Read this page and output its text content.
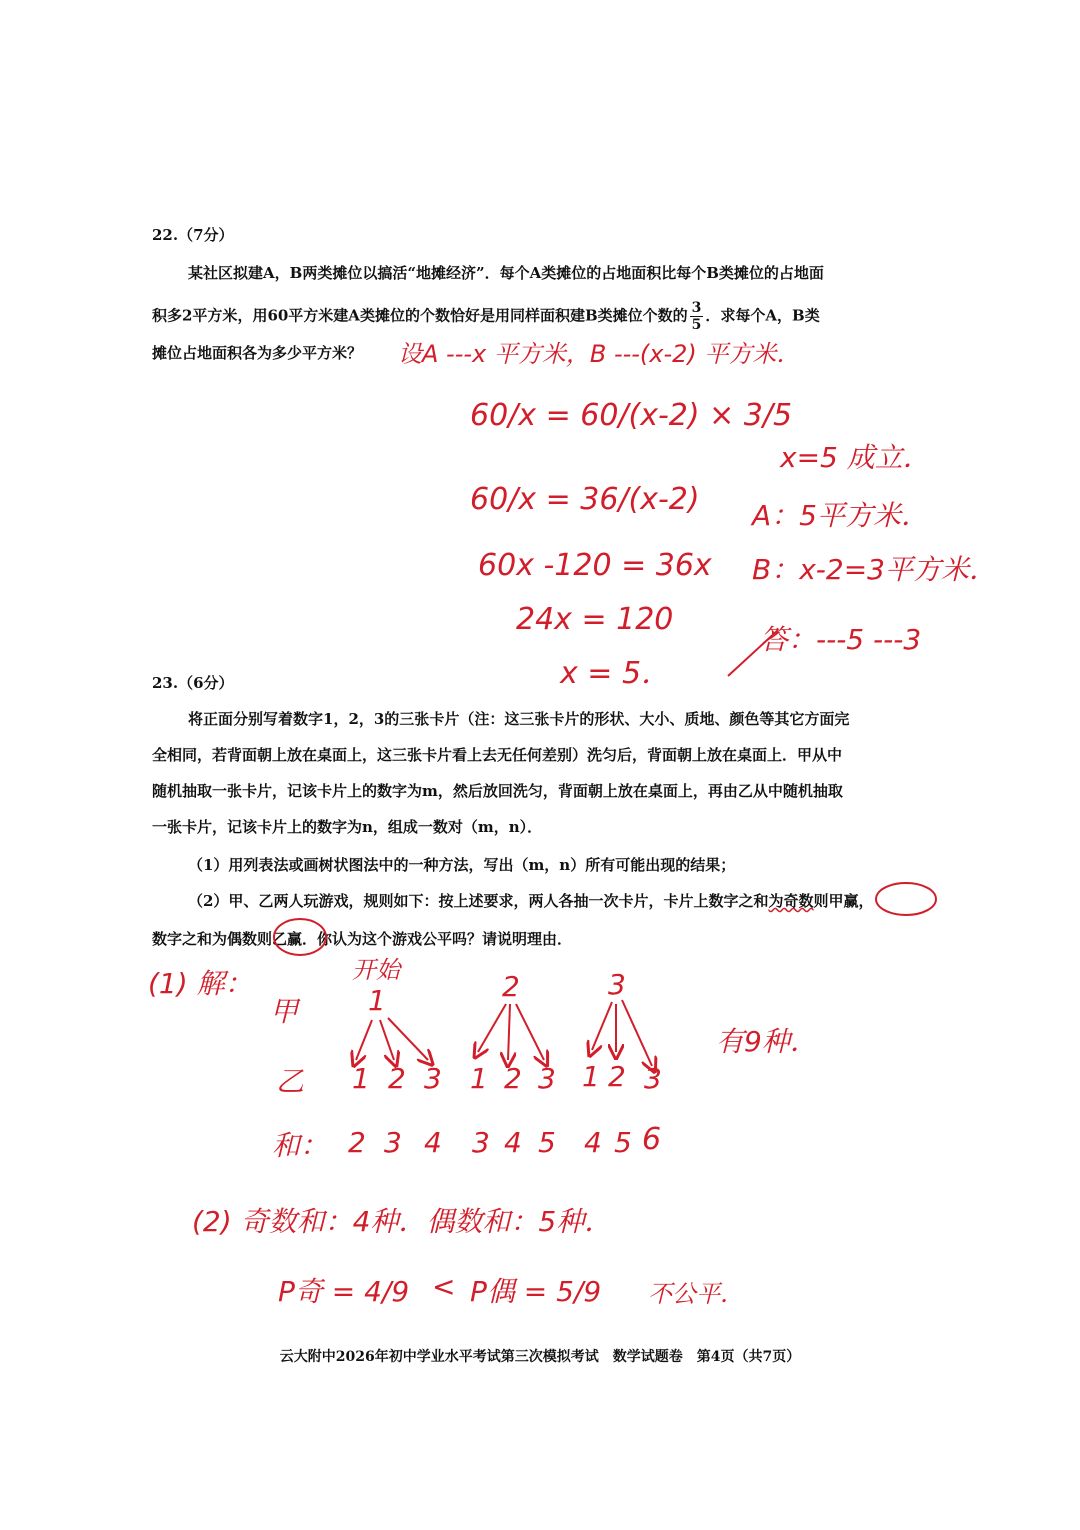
22.（7分）
某社区拟建A，B两类摊位以搞活“地摊经济”．每个A类摊位的占地面积比每个B类摊位的占地面
积多2平方米，用60平方米建A类摊位的个数恰好是用同样面积建B类摊位个数的 $\frac{3}{5}$ ．求每个A，B类
摊位占地面积各为多少平方米？ 设A ---x 平方米，B ---(x-2) 平方米．
60/x = 60/(x-2) × 3/5
60/x = 36/(x-2)
60x -120 = 36x
24x = 120
x = 5．
x=5 成立．
A：5平方米．
B：x-2=3平方米．
答：---5 ---3
23.（6分）
将正面分别写着数字1，2，3的三张卡片（注：这三张卡片的形状、大小、质地、颜色等其它方面完
全相同，若背面朝上放在桌面上，这三张卡片看上去无任何差别）洗匀后，背面朝上放在桌面上．甲从中
随机抽取一张卡片，记该卡片上的数字为m，然后放回洗匀，背面朝上放在桌面上，再由乙从中随机抽取
一张卡片，记该卡片上的数字为n，组成一数对（m，n）．
（1）用列表法或画树状图法中的一种方法，写出（m，n）所有可能出现的结果；
（2）甲、乙两人玩游戏，规则如下：按上述要求，两人各抽一次卡片，卡片上数字之和为奇数则甲赢，
数字之和为偶数则乙赢．你认为这个游戏公平吗？请说明理由．
(1) 解：	开始
甲
乙
和：
1	2	3
1 2 3 1 2 3 1 2 3
2 3 4 3 4 5 4 5 6
有9种．
(2) 奇数和：4种．偶数和：5种．
P奇 = 4/9 < P偶 = 5/9 不公平．
云大附中2026年初中学业水平考试第三次模拟考试　数学试题卷　第4页（共7页）
